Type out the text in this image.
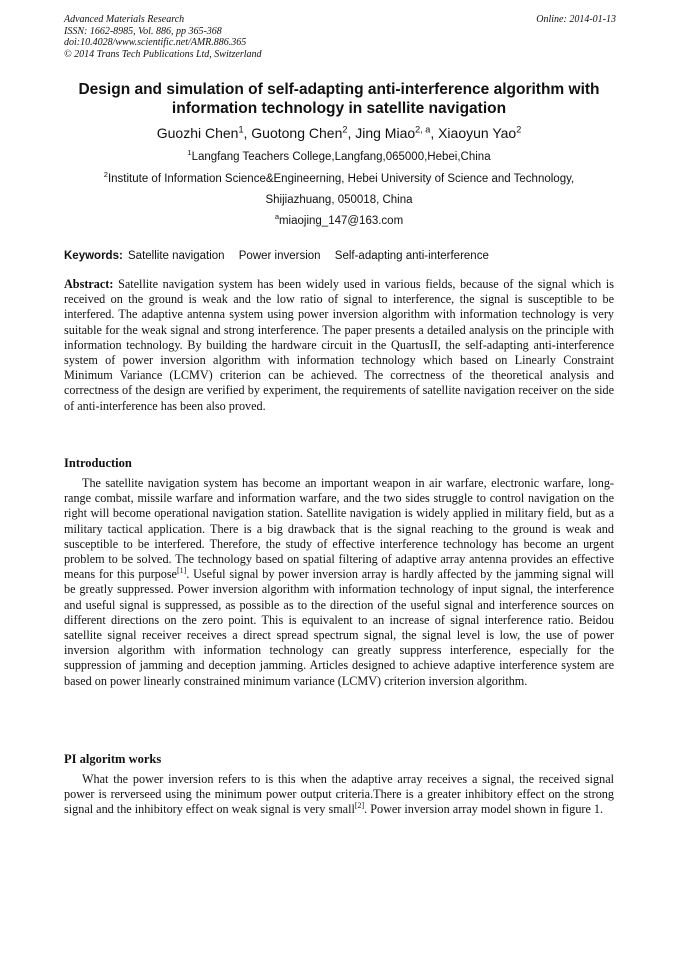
Advanced Materials Research
ISSN: 1662-8985, Vol. 886, pp 365-368
doi:10.4028/www.scientific.net/AMR.886.365
© 2014 Trans Tech Publications Ltd, Switzerland
Online: 2014-01-13
Design and simulation of self-adapting anti-interference algorithm with information technology in satellite navigation
Guozhi Chen$^1$, Guotong Chen$^2$, Jing Miao$^{2, a}$, Xiaoyun Yao$^2$
$^1$Langfang Teachers College,Langfang,065000,Hebei,China
$^2$Institute of Information Science&Engineerning, Hebei University of Science and Technology,
Shijiazhuang, 050018, China
$^a$miaojing_147@163.com
Keywords: Satellite navigation Power inversion Self-adapting anti-interference

Abstract: Satellite navigation system has been widely used in various fields, because of the signal which is received on the ground is weak and the low ratio of signal to interference, the signal is susceptible to be interfered. The adaptive antenna system using power inversion algorithm with information technology is very suitable for the weak signal and strong interference. The paper presents a detailed analysis on the principle with information technology. By building the hardware circuit in the QuartusII, the self-adapting anti-interference system of power inversion algorithm with information technology which based on Linearly Constraint Minimum Variance (LCMV) criterion can be achieved. The correctness of the theoretical analysis and correctness of the design are verified by experiment, the requirements of satellite navigation receiver on the side of anti-interference has been also proved.

Introduction

The satellite navigation system has become an important weapon in air warfare, electronic warfare, long-range combat, missile warfare and information warfare, and the two sides struggle to control navigation on the right will become operational navigation station. Satellite navigation is widely applied in military field, but as a military tactical application. There is a big drawback that is the signal reaching to the ground is weak and susceptible to be interfered. Therefore, the study of effective interference technology has become an urgent problem to be solved. The technology based on spatial filtering of adaptive array antenna provides an effective means for this purpose[1]. Useful signal by power inversion array is hardly affected by the jamming signal will be greatly suppressed. Power inversion algorithm with information technology of input signal, the interference and useful signal is suppressed, as possible as to the direction of the useful signal and interference sources on different directions on the zero point. This is equivalent to an increase of signal interference ratio. Beidou satellite signal receiver receives a direct spread spectrum signal, the signal level is low, the use of power inversion algorithm with information technology can greatly suppress interference, especially for the suppression of jamming and deception jamming. Articles designed to achieve adaptive interference system are based on power linearly constrained minimum variance (LCMV) criterion inversion algorithm.

PI algoritm works

What the power inversion refers to is this when the adaptive array receives a signal, the received signal power is rerverseed using the minimum power output criteria.There is a greater inhibitory effect on the strong signal and the inhibitory effect on weak signal is very small[2]. Power inversion array model shown in figure 1.
